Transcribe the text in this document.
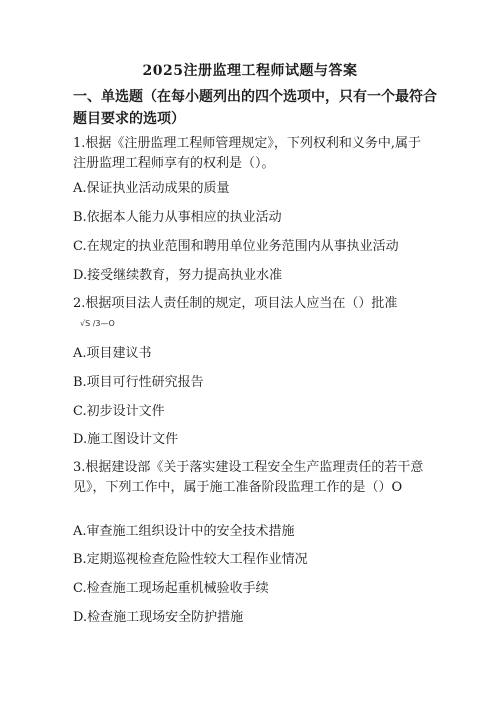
2025注册监理工程师试题与答案
一、单选题（在每小题列出的四个选项中，只有一个最符合题目要求的选项）
1.根据《注册监理工程师管理规定》，下列权利和义务中,属于注册监理工程师享有的权利是（）。
A.保证执业活动成果的质量
B.依据本人能力从事相应的执业活动
C.在规定的执业范围和聘用单位业务范围内从事执业活动
D.接受继续教育，努力提高执业水准
2.根据项目法人责任制的规定，项目法人应当在（）批准
√S /3—O
A.项目建议书
B.项目可行性研究报告
C.初步设计文件
D.施工图设计文件
3.根据建设部《关于落实建设工程安全生产监理责任的若干意见》，下列工作中，属于施工准备阶段监理工作的是（）O
A.审查施工组织设计中的安全技术措施
B.定期巡视检查危险性较大工程作业情况
C.检查施工现场起重机械验收手续
D.检查施工现场安全防护措施
